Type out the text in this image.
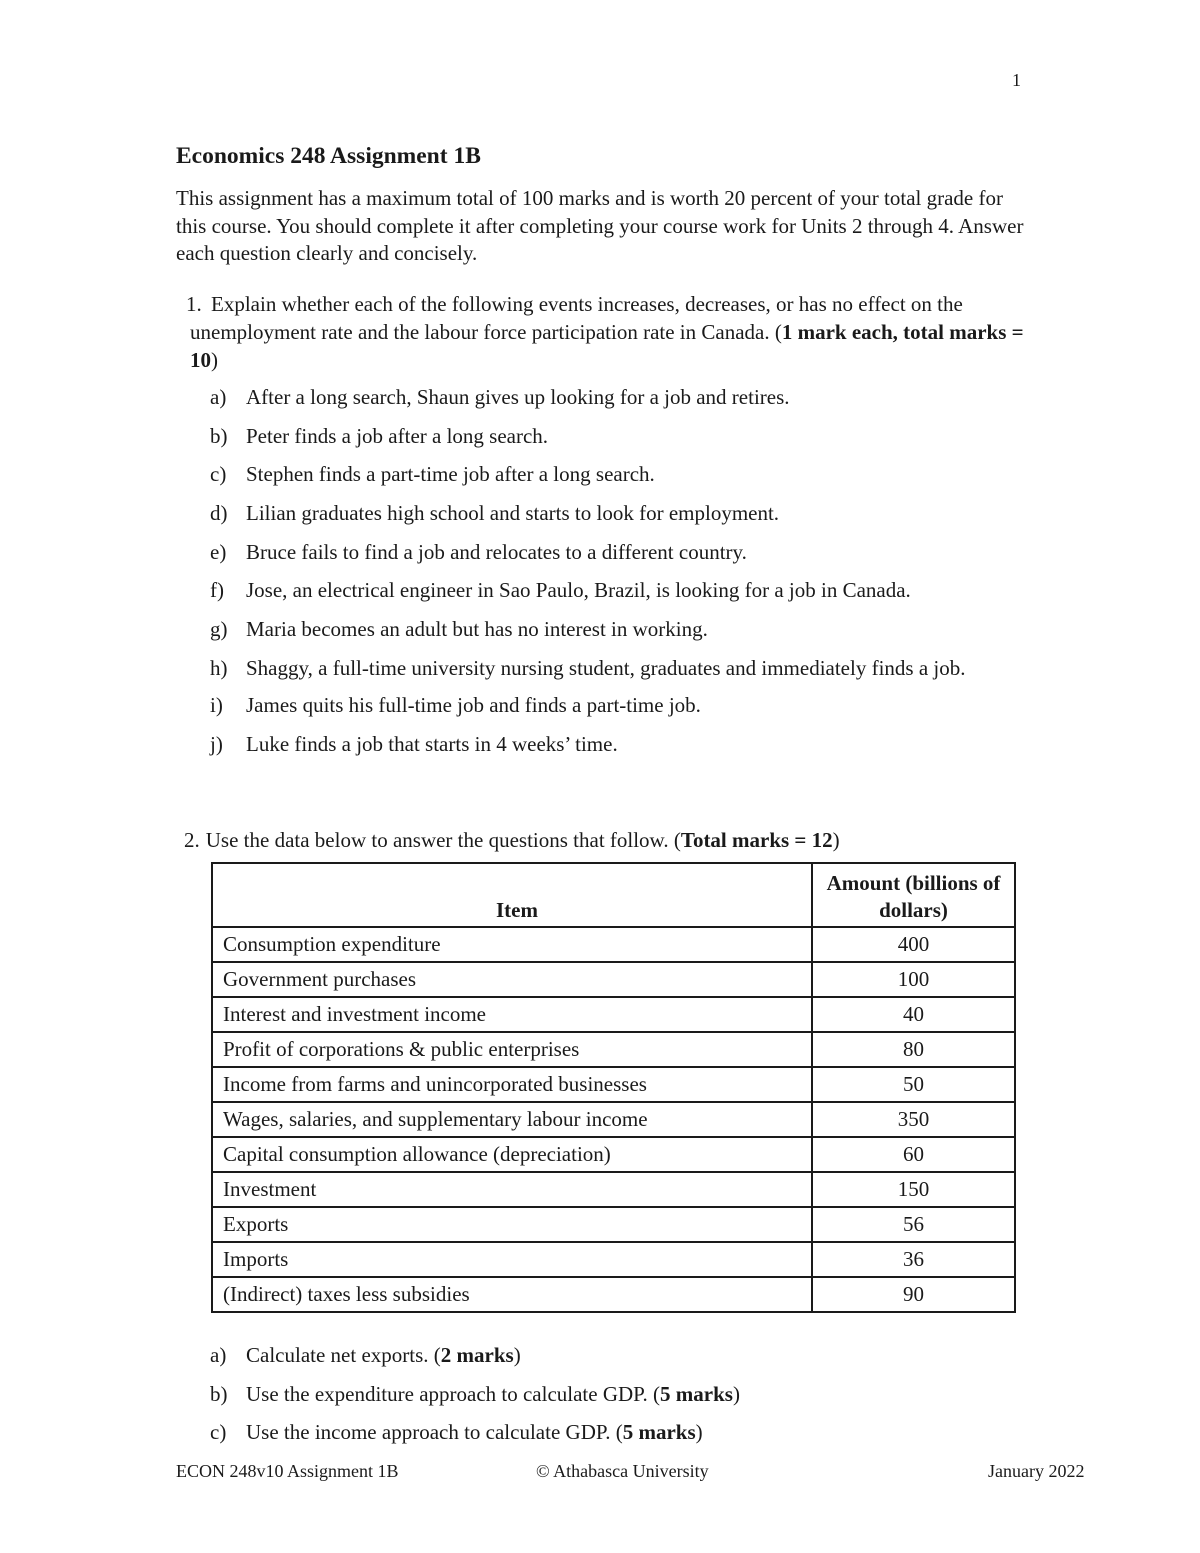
1
Economics 248 Assignment 1B

This assignment has a maximum total of 100 marks and is worth 20 percent of your total grade for this course. You should complete it after completing your course work for Units 2 through 4. Answer each question clearly and concisely.

1. Explain whether each of the following events increases, decreases, or has no effect on the unemployment rate and the labour force participation rate in Canada. (1 mark each, total marks = 10)

a) After a long search, Shaun gives up looking for a job and retires.
b) Peter finds a job after a long search.
c) Stephen finds a part-time job after a long search.
d) Lilian graduates high school and starts to look for employment.
e) Bruce fails to find a job and relocates to a different country.
f)	Jose, an electrical engineer in Sao Paulo, Brazil, is looking for a job in Canada.
g) Maria becomes an adult but has no interest in working.
h) Shaggy, a full-time university nursing student, graduates and immediately finds a job.
i)	James quits his full-time job and finds a part-time job.
j)	Luke finds a job that starts in 4 weeks’ time.

2. Use the data below to answer the questions that follow. (Total marks = 12)

Item	Amount (billions of dollars)
Consumption expenditure	400
Government purchases	100
Interest and investment income	40
Profit of corporations & public enterprises	80
Income from farms and unincorporated businesses	50
Wages, salaries, and supplementary labour income	350
Capital consumption allowance (depreciation)	60
Investment	150
Exports	56
Imports	36
(Indirect) taxes less subsidies	90
a) Calculate net exports. (2 marks)
b) Use the expenditure approach to calculate GDP. (5 marks)
c) Use the income approach to calculate GDP. (5 marks)
ECON 248v10 Assignment 1B	© Athabasca University	January 2022
